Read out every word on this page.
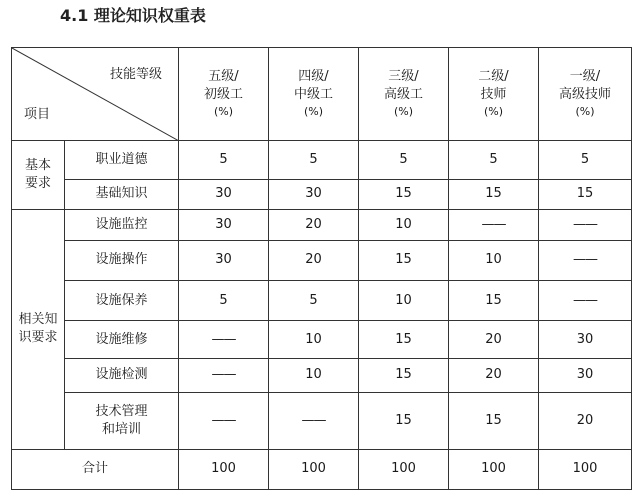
4.1 理论知识权重表
技能等级
项目		五级/
初级工
(%)	四级/
中级工
(%)	三级/
高级工
(%)	二级/
技师
(%)	一级/
高级技师
(%)

基本
要求	职业道德	5	5	5	5	5
	基础知识	30	30	15	15	15

相关知
识要求	设施监控	30	20	10	——	——
	设施操作	30	20	15	10	——
	设施保养	5	5	10	15	——
	设施维修	——	10	15	20	30
	设施检测	——	10	15	20	30

	技术管理
和培训	——	——	15	15	20
合计		100	100	100	100	100
